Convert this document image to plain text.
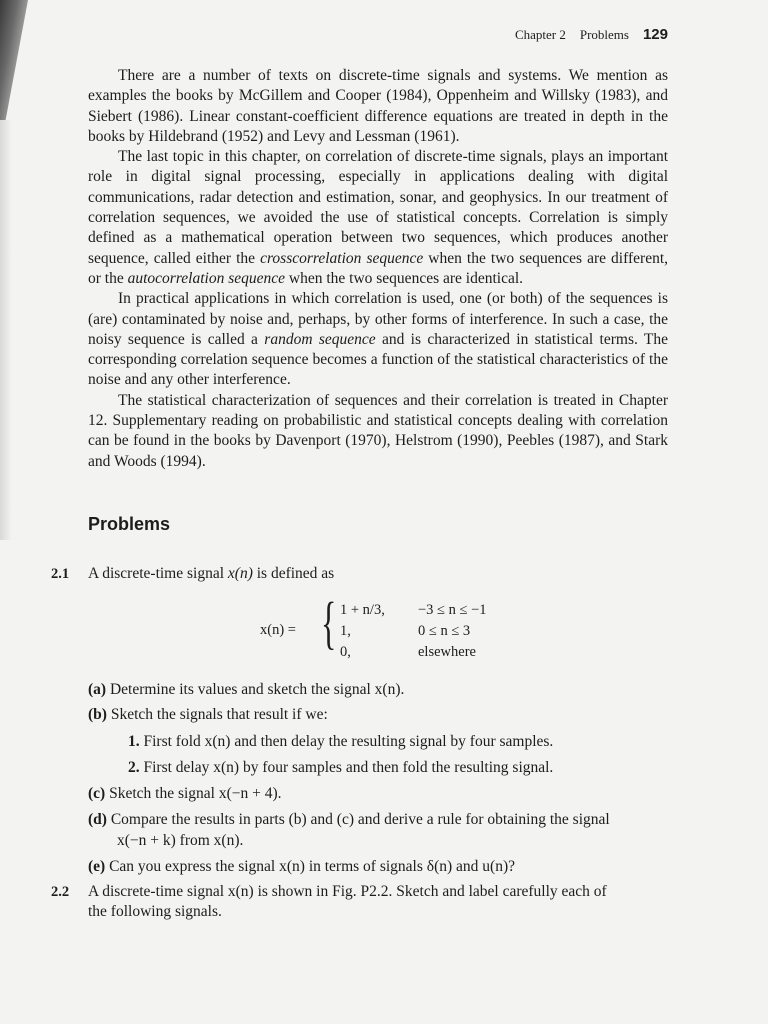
Chapter 2 Problems 129

There are a number of texts on discrete-time signals and systems. We mention as examples the books by McGillem and Cooper (1984), Oppenheim and Willsky (1983), and Siebert (1986). Linear constant-coefficient difference equations are treated in depth in the books by Hildebrand (1952) and Levy and Lessman (1961).

The last topic in this chapter, on correlation of discrete-time signals, plays an important role in digital signal processing, especially in applications dealing with digital communications, radar detection and estimation, sonar, and geophysics. In our treatment of correlation sequences, we avoided the use of statistical concepts. Correlation is simply defined as a mathematical operation between two sequences, which produces another sequence, called either the crosscorrelation sequence when the two sequences are different, or the autocorrelation sequence when the two sequences are identical.

In practical applications in which correlation is used, one (or both) of the sequences is (are) contaminated by noise and, perhaps, by other forms of interference. In such a case, the noisy sequence is called a random sequence and is characterized in statistical terms. The corresponding correlation sequence becomes a function of the statistical characteristics of the noise and any other interference.

The statistical characterization of sequences and their correlation is treated in Chapter 12. Supplementary reading on probabilistic and statistical concepts dealing with correlation can be found in the books by Davenport (1970), Helstrom (1990), Peebles (1987), and Stark and Woods (1994).

Problems
2.1 A discrete-time signal x(n) is defined as
x(n) = { 1 + n/3, −3 ≤ n ≤ −1
1,	0 ≤ n ≤ 3
0,	elsewhere
(a) Determine its values and sketch the signal x(n).
(b) Sketch the signals that result if we:
1. First fold x(n) and then delay the resulting signal by four samples.
2. First delay x(n) by four samples and then fold the resulting signal.
(c) Sketch the signal x(−n + 4).
(d) Compare the results in parts (b) and (c) and derive a rule for obtaining the signal
x(−n + k) from x(n).
(e) Can you express the signal x(n) in terms of signals δ(n) and u(n)?
2.2 A discrete-time signal x(n) is shown in Fig. P2.2. Sketch and label carefully each of
the following signals.
